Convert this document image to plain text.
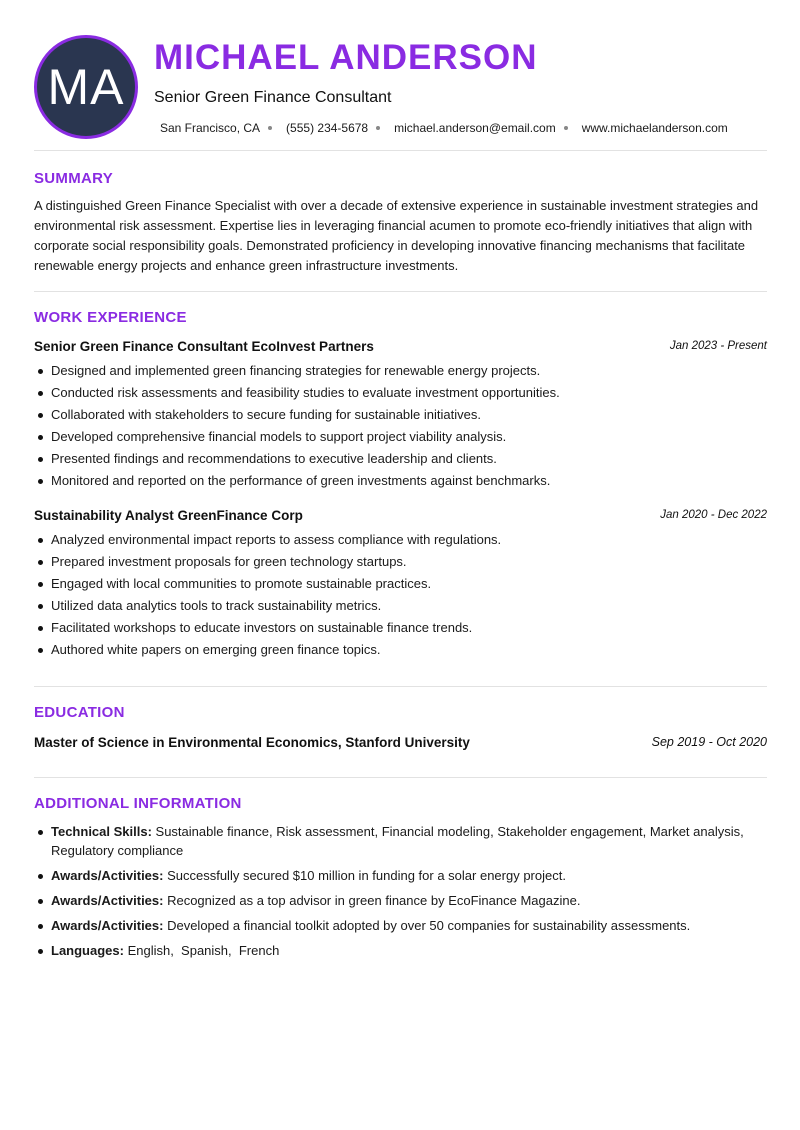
MA
MICHAEL ANDERSON
Senior Green Finance Consultant
San Francisco, CA (555) 234-5678 michael.anderson@email.com www.michaelanderson.com
SUMMARY
A distinguished Green Finance Specialist with over a decade of extensive experience in sustainable investment strategies and environmental risk assessment. Expertise lies in leveraging financial acumen to promote eco-friendly initiatives that align with corporate social responsibility goals. Demonstrated proficiency in developing innovative financing mechanisms that facilitate renewable energy projects and enhance green infrastructure investments.
WORK EXPERIENCE
Senior Green Finance Consultant EcoInvest Partners	Jan 2023 - Present
Designed and implemented green financing strategies for renewable energy projects.
Conducted risk assessments and feasibility studies to evaluate investment opportunities.
Collaborated with stakeholders to secure funding for sustainable initiatives.
Developed comprehensive financial models to support project viability analysis.
Presented findings and recommendations to executive leadership and clients.
Monitored and reported on the performance of green investments against benchmarks.
Sustainability Analyst GreenFinance Corp	Jan 2020 - Dec 2022
Analyzed environmental impact reports to assess compliance with regulations.
Prepared investment proposals for green technology startups.
Engaged with local communities to promote sustainable practices.
Utilized data analytics tools to track sustainability metrics.
Facilitated workshops to educate investors on sustainable finance trends.
Authored white papers on emerging green finance topics.
EDUCATION
Master of Science in Environmental Economics, Stanford University	Sep 2019 - Oct 2020
ADDITIONAL INFORMATION
Technical Skills: Sustainable finance, Risk assessment, Financial modeling, Stakeholder engagement, Market analysis, Regulatory compliance
Awards/Activities: Successfully secured $10 million in funding for a solar energy project.
Awards/Activities: Recognized as a top advisor in green finance by EcoFinance Magazine.
Awards/Activities: Developed a financial toolkit adopted by over 50 companies for sustainability assessments.
Languages: English,  Spanish,  French
